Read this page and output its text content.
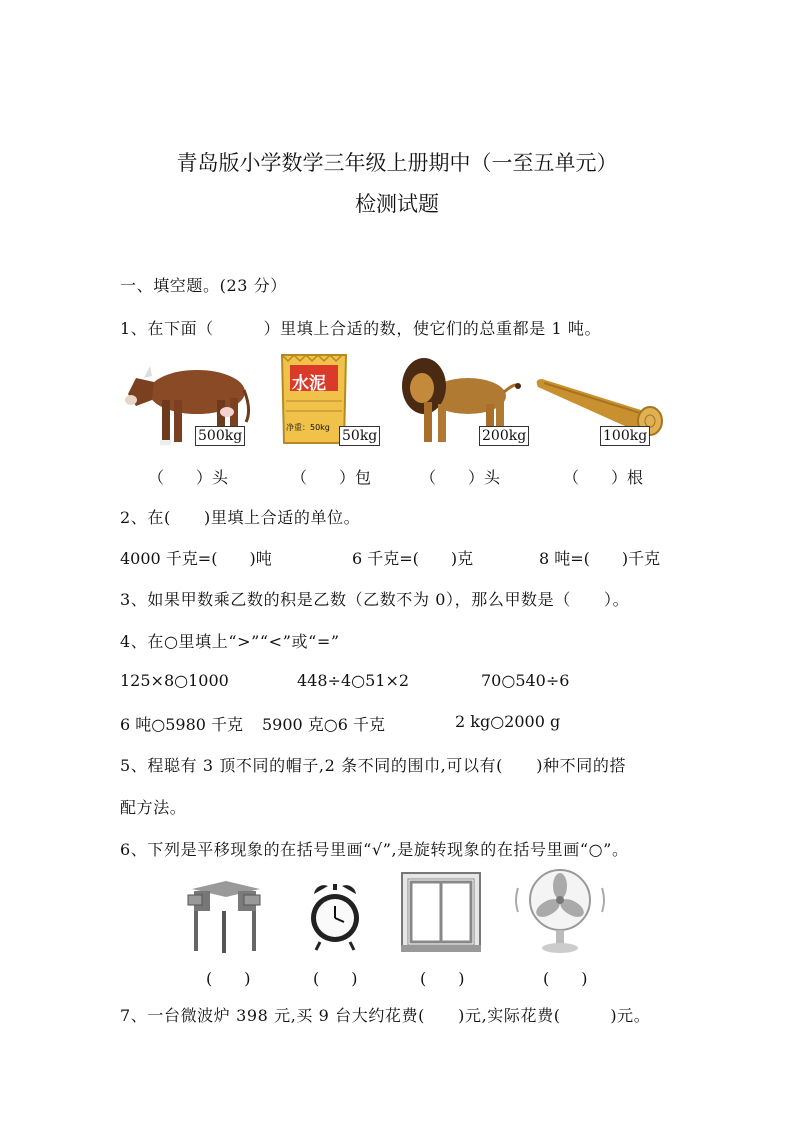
青岛版小学数学三年级上册期中（一至五单元）
检测试题
一、填空题。(23 分）
1、在下面（　　　）里填上合适的数，使它们的总重都是 1 吨。
500kg
水泥
净重：50kg
50kg	200kg	100kg
（　　）头	（　　）包	（　　）头	（　　）根
2、在(　　)里填上合适的单位。
4000 千克=(　　)吨	6 千克=(　　)克	8 吨=(　　)千克
3、如果甲数乘乙数的积是乙数（乙数不为 0），那么甲数是（　　）。
4、在○里填上“>”“<”或“=”
125×8○1000	448÷4○51×2	70○540÷6
6 吨○5980 千克 5900 克○6 千克	2 kg○2000 g
5、程聪有 3 顶不同的帽子,2 条不同的围巾,可以有(　　)种不同的搭
配方法。
6、下列是平移现象的在括号里画“√”,是旋转现象的在括号里画“○”。
(　　)	(　　)	(　　)	(　　)
7、一台微波炉 398 元,买 9 台大约花费(　　)元,实际花费(　　　)元。
